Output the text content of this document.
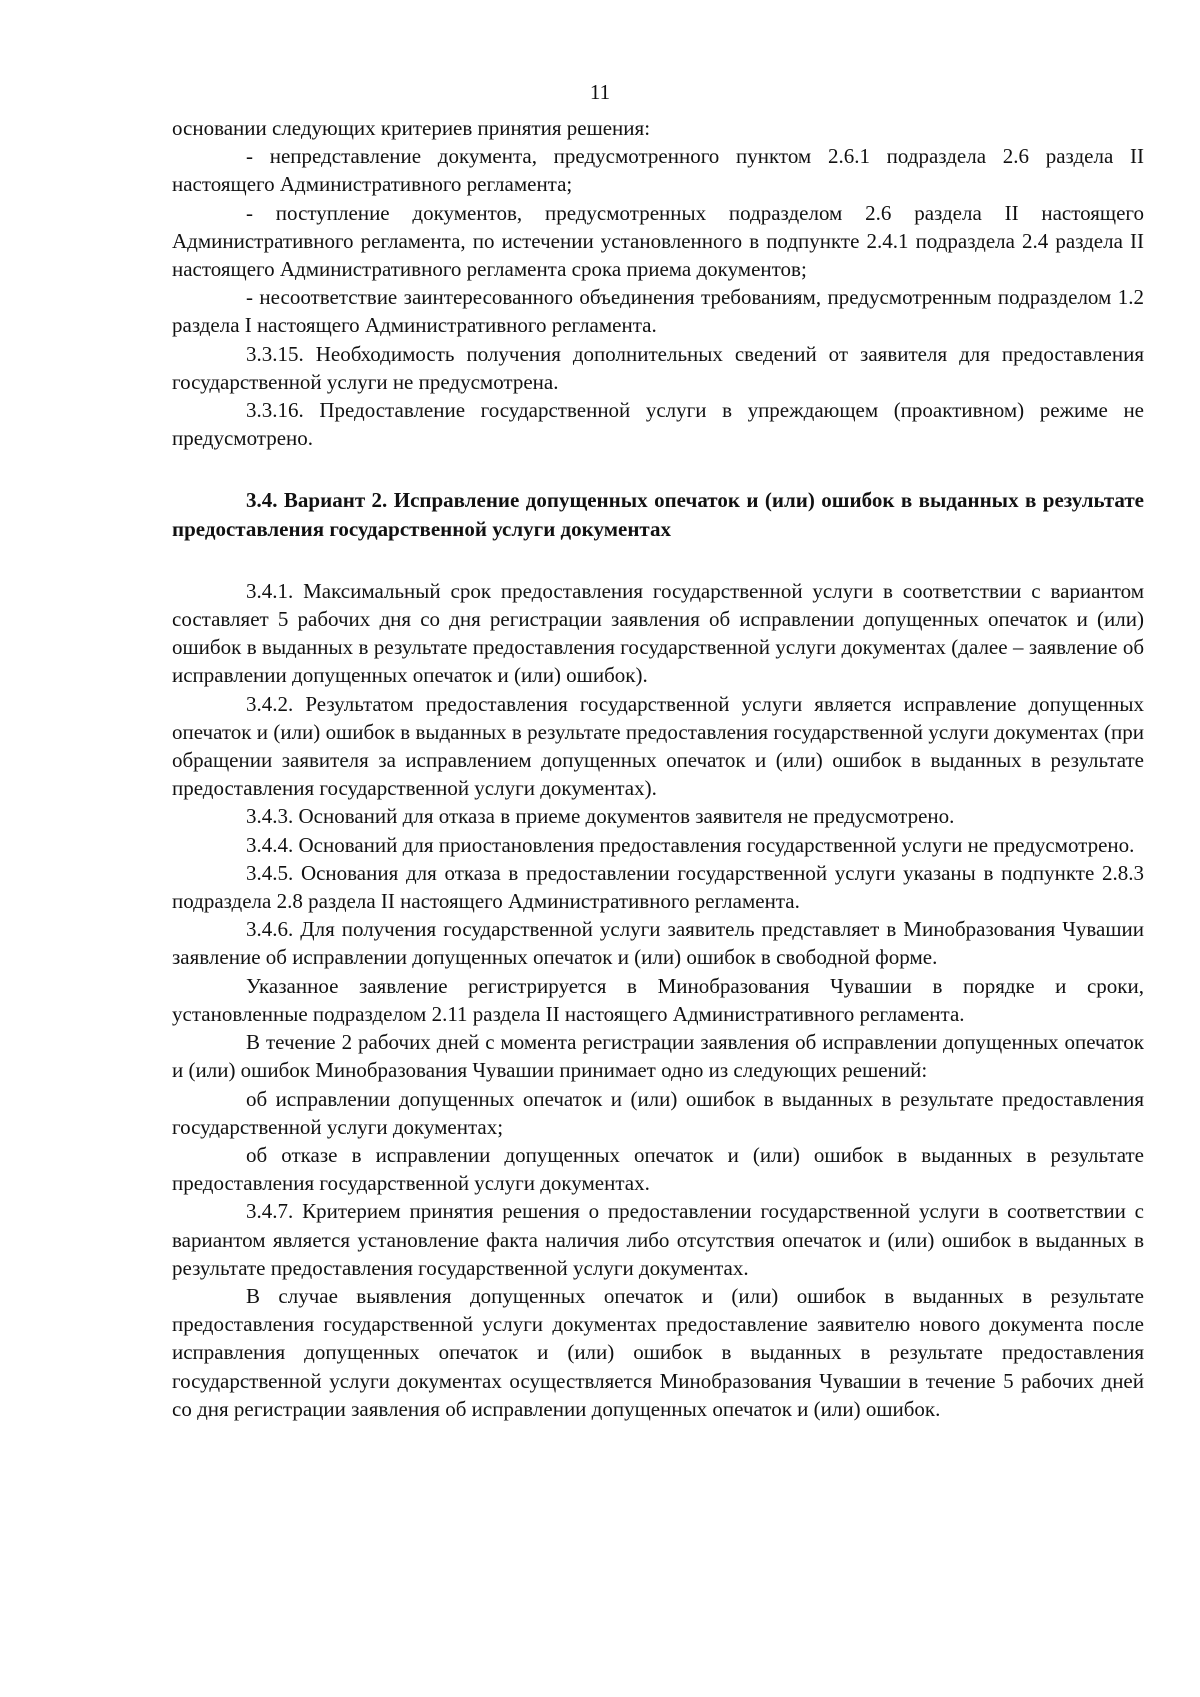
11

основании следующих критериев принятия решения:

- непредставление документа, предусмотренного пунктом 2.6.1 подраздела 2.6 раздела II настоящего Административного регламента;

- поступление документов, предусмотренных подразделом 2.6 раздела II настоящего Административного регламента, по истечении установленного в подпункте 2.4.1 подраздела 2.4 раздела II настоящего Административного регламента срока приема документов;

- несоответствие заинтересованного объединения требованиям, предусмотренным подразделом 1.2 раздела I настоящего Административного регламента.

3.3.15. Необходимость получения дополнительных сведений от заявителя для предоставления государственной услуги не предусмотрена.

3.3.16. Предоставление государственной услуги в упреждающем (проактивном) режиме не предусмотрено.

3.4. Вариант 2. Исправление допущенных опечаток и (или) ошибок в выданных в результате предоставления государственной услуги документах

3.4.1. Максимальный срок предоставления государственной услуги в соответствии с вариантом составляет 5 рабочих дня со дня регистрации заявления об исправлении допущенных опечаток и (или) ошибок в выданных в результате предоставления государственной услуги документах (далее – заявление об исправлении допущенных опечаток и (или) ошибок).

3.4.2. Результатом предоставления государственной услуги является исправление допущенных опечаток и (или) ошибок в выданных в результате предоставления государственной услуги документах (при обращении заявителя за исправлением допущенных опечаток и (или) ошибок в выданных в результате предоставления государственной услуги документах).

3.4.3. Оснований для отказа в приеме документов заявителя не предусмотрено.

3.4.4. Оснований для приостановления предоставления государственной услуги не предусмотрено.

3.4.5. Основания для отказа в предоставлении государственной услуги указаны в подпункте 2.8.3 подраздела 2.8 раздела II настоящего Административного регламента.

3.4.6. Для получения государственной услуги заявитель представляет в Минобразования Чувашии заявление об исправлении допущенных опечаток и (или) ошибок в свободной форме.

Указанное заявление регистрируется в Минобразования Чувашии в порядке и сроки, установленные подразделом 2.11 раздела II настоящего Административного регламента.

В течение 2 рабочих дней с момента регистрации заявления об исправлении допущенных опечаток и (или) ошибок Минобразования Чувашии принимает одно из следующих решений:

об исправлении допущенных опечаток и (или) ошибок в выданных в результате предоставления государственной услуги документах;

об отказе в исправлении допущенных опечаток и (или) ошибок в выданных в результате предоставления государственной услуги документах.

3.4.7. Критерием принятия решения о предоставлении государственной услуги в соответствии с вариантом является установление факта наличия либо отсутствия опечаток и (или) ошибок в выданных в результате предоставления государственной услуги документах.

В случае выявления допущенных опечаток и (или) ошибок в выданных в результате предоставления государственной услуги документах предоставление заявителю нового документа после исправления допущенных опечаток и (или) ошибок в выданных в результате предоставления государственной услуги документах осуществляется Минобразования Чувашии в течение 5 рабочих дней со дня регистрации заявления об исправлении допущенных опечаток и (или) ошибок.
